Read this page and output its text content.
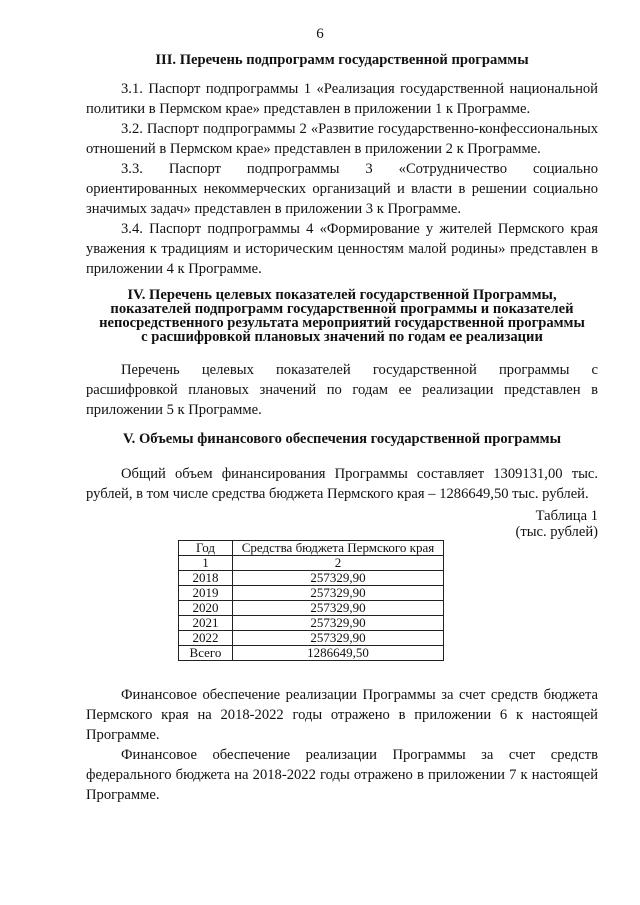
6
III. Перечень подпрограмм государственной программы

3.1. Паспорт подпрограммы 1 «Реализация государственной национальной политики в Пермском крае» представлен в приложении 1 к Программе.

3.2. Паспорт подпрограммы 2 «Развитие государственно-конфессиональных отношений в Пермском крае» представлен в приложении 2 к Программе.

3.3. Паспорт подпрограммы 3 «Сотрудничество социально ориентированных некоммерческих организаций и власти в решении социально значимых задач» представлен в приложении 3 к Программе.

3.4. Паспорт подпрограммы 4 «Формирование у жителей Пермского края уважения к традициям и историческим ценностям малой родины» представлен в приложении 4 к Программе.

IV. Перечень целевых показателей государственной Программы,
показателей подпрограмм государственной программы и показателей
непосредственного результата мероприятий государственной программы
с расшифровкой плановых значений по годам ее реализации

Перечень целевых показателей государственной программы с расшифровкой плановых значений по годам ее реализации представлен в приложении 5 к Программе.

V. Объемы финансового обеспечения государственной программы

Общий объем финансирования Программы составляет 1309131,00 тыс. рублей, в том числе средства бюджета Пермского края – 1286649,50 тыс. рублей.

Таблица 1
(тыс. рублей)
Год	Средства бюджета Пермского края
1	2
2018	257329,90
2019	257329,90
2020	257329,90
2021	257329,90
2022	257329,90
Всего	1286649,50

Финансовое обеспечение реализации Программы за счет средств бюджета Пермского края на 2018-2022 годы отражено в приложении 6 к настоящей Программе.

Финансовое обеспечение реализации Программы за счет средств федерального бюджета на 2018-2022 годы отражено в приложении 7 к настоящей Программе.
